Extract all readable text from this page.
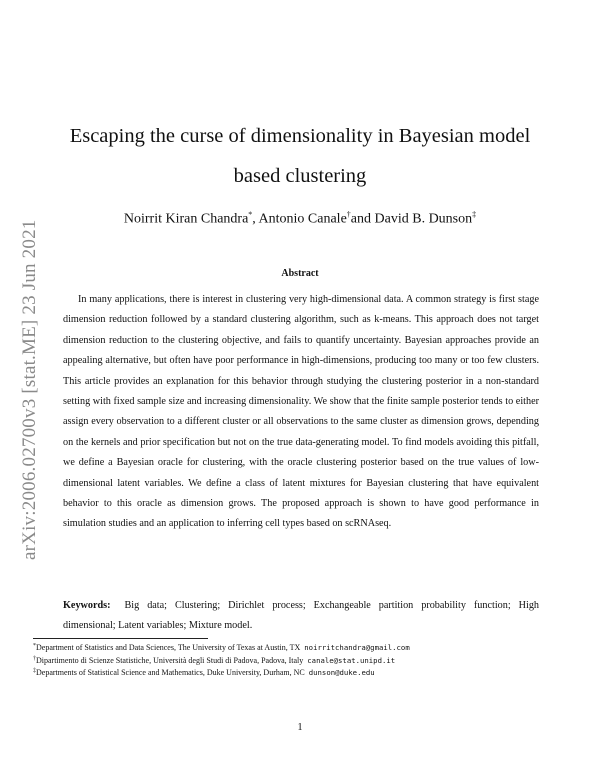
arXiv:2006.02700v3 [stat.ME] 23 Jun 2021
Escaping the curse of dimensionality in Bayesian model
based clustering
Noirrit Kiran Chandra*, Antonio Canale†and David B. Dunson‡
Abstract
In many applications, there is interest in clustering very high-dimensional data. A common strategy is first stage dimension reduction followed by a standard clustering algorithm, such as k-means. This approach does not target dimension reduction to the clustering objective, and fails to quantify uncertainty. Bayesian approaches provide an appealing alternative, but often have poor performance in high-dimensions, producing too many or too few clusters. This article provides an explanation for this behavior through studying the clustering posterior in a non-standard setting with fixed sample size and increasing dimensionality. We show that the finite sample posterior tends to either assign every observation to a different cluster or all observations to the same cluster as dimension grows, depending on the kernels and prior specification but not on the true data-generating model. To find models avoiding this pitfall, we define a Bayesian oracle for clustering, with the oracle clustering posterior based on the true values of low-dimensional latent variables. We define a class of latent mixtures for Bayesian clustering that have equivalent behavior to this oracle as dimension grows. The proposed approach is shown to have good performance in simulation studies and an application to inferring cell types based on scRNAseq.
Keywords: Big data; Clustering; Dirichlet process; Exchangeable partition probability function; High dimensional; Latent variables; Mixture model.
*Department of Statistics and Data Sciences, The University of Texas at Austin, TX noirritchandra@gmail.com
†Dipartimento di Scienze Statistiche, Università degli Studi di Padova, Padova, Italy canale@stat.unipd.it
‡Departments of Statistical Science and Mathematics, Duke University, Durham, NC dunson@duke.edu
1
